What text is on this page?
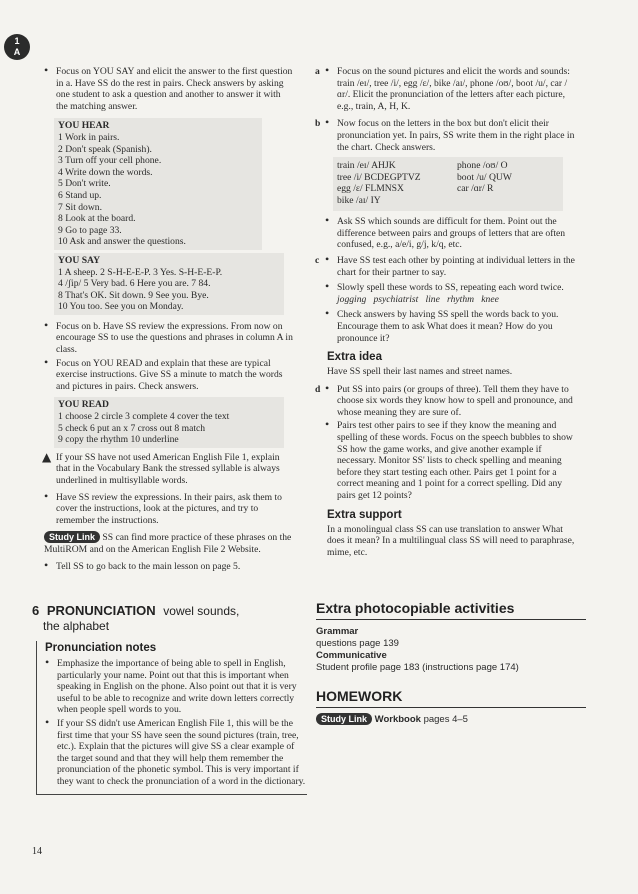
1
A
• Focus on YOU SAY and elicit the answer to the first question in a. Have SS do the rest in pairs. Check answers by asking one student to ask a question and another to answer it with the matching answer.
YOU HEAR
1 Work in pairs.
2 Don't speak (Spanish).
3 Turn off your cell phone.
4 Write down the words.
5 Don't write.
6 Stand up.
7 Sit down.
8 Look at the board.
9 Go to page 33.
10 Ask and answer the questions.
YOU SAY
1 A sheep. 2 S-H-E-E-P. 3 Yes. S-H-E-E-P.
4 /ʃip/ 5 Very bad. 6 Here you are. 7 84.
8 That's OK. Sit down. 9 See you. Bye.
10 You too. See you on Monday.
• Focus on b. Have SS review the expressions. From now on encourage SS to use the questions and phrases in column A in class.
• Focus on YOU READ and explain that these are typical exercise instructions. Give SS a minute to match the words and pictures in pairs. Check answers.
YOU READ
1 choose 2 circle 3 complete 4 cover the text
5 check 6 put an x 7 cross out 8 match
9 copy the rhythm 10 underline
▲ If your SS have not used American English File 1, explain that in the Vocabulary Bank the stressed syllable is always underlined in multisyllable words.
• Have SS review the expressions. In their pairs, ask them to cover the instructions, look at the pictures, and try to remember the instructions.
Study Link SS can find more practice of these phrases on the MultiROM and on the American English File 2 Website.
• Tell SS to go back to the main lesson on page 5.
6 PRONUNCIATION vowel sounds,
the alphabet
Pronunciation notes
• Emphasize the importance of being able to spell in English, particularly your name. Point out that this is important when speaking in English on the phone. Also point out that it is very useful to be able to recognize and write down letters correctly when people spell words to you.
• If your SS didn't use American English File 1, this will be the first time that your SS have seen the sound pictures (train, tree, etc.). Explain that the pictures will give SS a clear example of the target sound and that they will help them remember the pronunciation of the phonetic symbol. This is very important if they want to check the pronunciation of a word in the dictionary.
14
a • Focus on the sound pictures and elicit the words and sounds: train /eɪ/, tree /i/, egg /ɛ/, bike /aɪ/, phone /oʊ/, boot /u/, car /ɑr/. Elicit the pronunciation of the letters after each picture, e.g., train, A, H, K.
b • Now focus on the letters in the box but don't elicit their pronunciation yet. In pairs, SS write them in the right place in the chart. Check answers.
train /eɪ/ AHJK
tree /i/ BCDEGPTVZ
egg /ɛ/ FLMNSX
bike /aɪ/ IY
phone /oʊ/ O
boot /u/ QUW
car /ɑr/ R
• Ask SS which sounds are difficult for them. Point out the difference between pairs and groups of letters that are often confused, e.g., a/e/i, g/j, k/q, etc.
c • Have SS test each other by pointing at individual letters in the chart for their partner to say.
• Slowly spell these words to SS, repeating each word twice.
jogging   psychiatrist   line   rhythm   knee
• Check answers by having SS spell the words back to you. Encourage them to ask What does it mean? How do you pronounce it?
Extra idea
Have SS spell their last names and street names.
d • Put SS into pairs (or groups of three). Tell them they have to choose six words they know how to spell and pronounce, and whose meaning they are sure of.
• Pairs test other pairs to see if they know the meaning and spelling of these words. Focus on the speech bubbles to show SS how the game works, and give another example if necessary. Monitor SS' lists to check spelling and meaning before they start testing each other. Pairs get 1 point for a correct meaning and 1 point for a correct spelling. Did any pairs get 12 points?
Extra support
In a monolingual class SS can use translation to answer What does it mean? In a multilingual class SS will need to paraphrase, mime, etc.
Extra photocopiable activities
Grammar
questions page 139
Communicative
Student profile page 183 (instructions page 174)
HOMEWORK
Study Link Workbook pages 4–5
